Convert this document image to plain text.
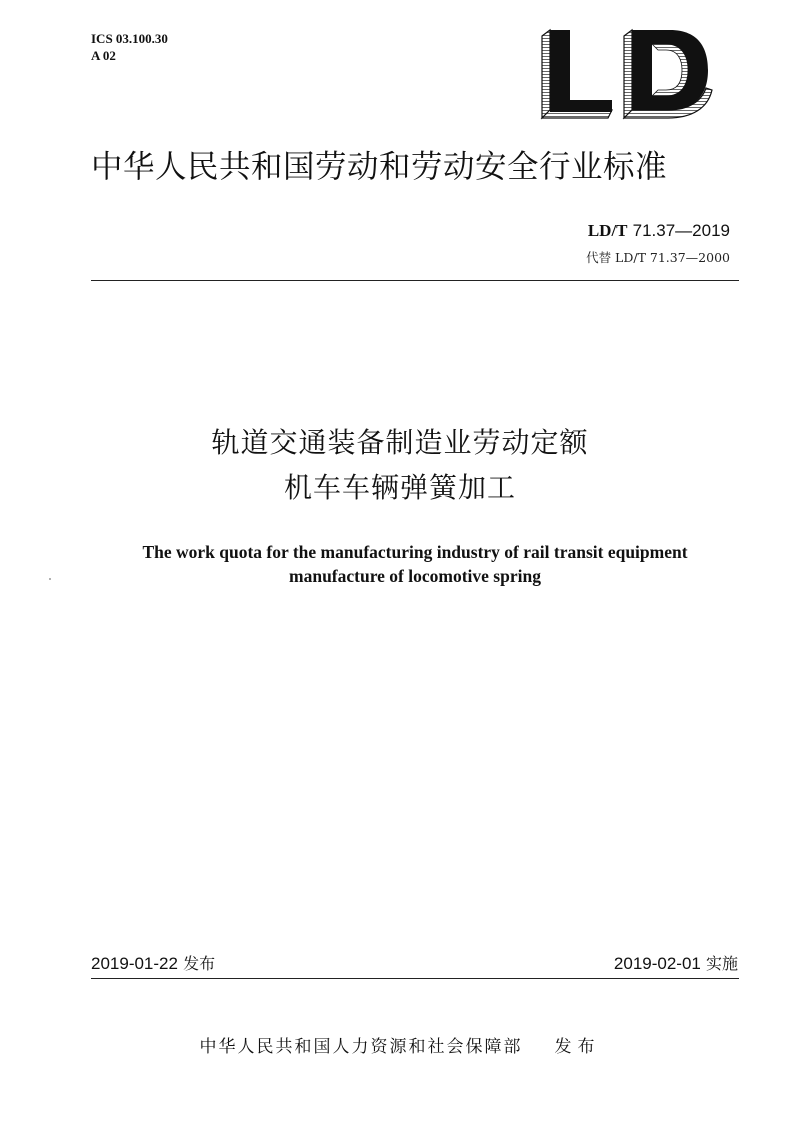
ICS 03.100.30
A 02
中华人民共和国劳动和劳动安全行业标准
LD/T 71.37—2019
代替 LD/T 71.37—2000
轨道交通装备制造业劳动定额
机车车辆弹簧加工
The work quota for the manufacturing industry of rail transit equipment
manufacture of locomotive spring
2019-01-22 发布	2019-02-01 实施
中华人民共和国人力资源和社会保障部 发布
